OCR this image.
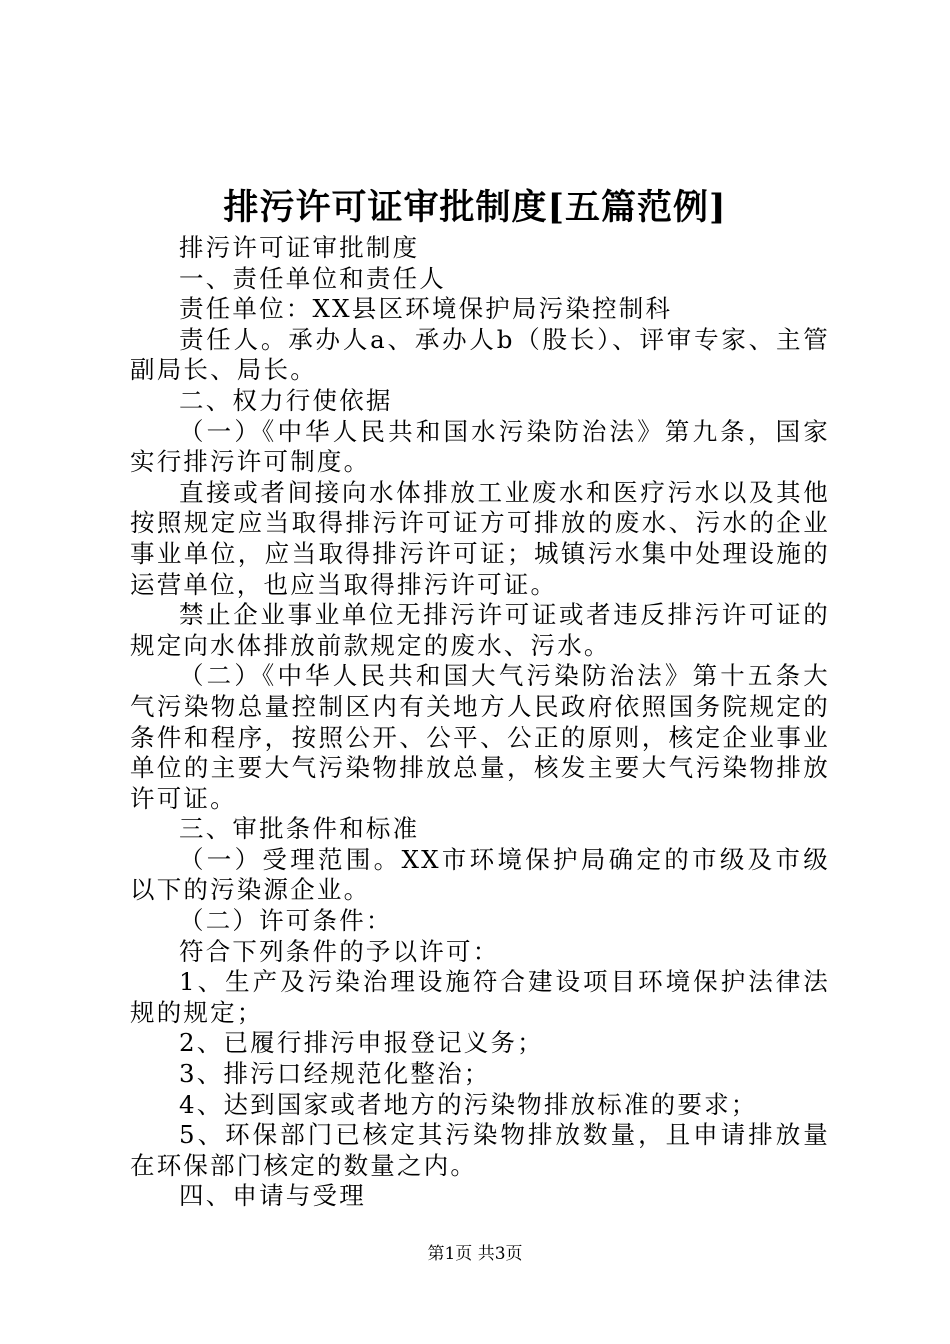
排污许可证审批制度[五篇范例]

排污许可证审批制度

一、责任单位和责任人

责任单位：XX县区环境保护局污染控制科

责任人。承办人a、承办人b（股长）、评审专家、主管副局长、局长。

二、权力行使依据

（一）《中华人民共和国水污染防治法》第九条，国家实行排污许可制度。

直接或者间接向水体排放工业废水和医疗污水以及其他按照规定应当取得排污许可证方可排放的废水、污水的企业事业单位，应当取得排污许可证；城镇污水集中处理设施的运营单位，也应当取得排污许可证。

禁止企业事业单位无排污许可证或者违反排污许可证的规定向水体排放前款规定的废水、污水。

（二）《中华人民共和国大气污染防治法》第十五条大气污染物总量控制区内有关地方人民政府依照国务院规定的条件和程序，按照公开、公平、公正的原则，核定企业事业单位的主要大气污染物排放总量，核发主要大气污染物排放许可证。

三、审批条件和标准

（一）受理范围。XX市环境保护局确定的市级及市级以下的污染源企业。

（二）许可条件：

符合下列条件的予以许可：

1、生产及污染治理设施符合建设项目环境保护法律法规的规定；

2、已履行排污申报登记义务；

3、排污口经规范化整治；

4、达到国家或者地方的污染物排放标准的要求；

5、环保部门已核定其污染物排放数量，且申请排放量在环保部门核定的数量之内。

四、申请与受理

第1页 共3页
